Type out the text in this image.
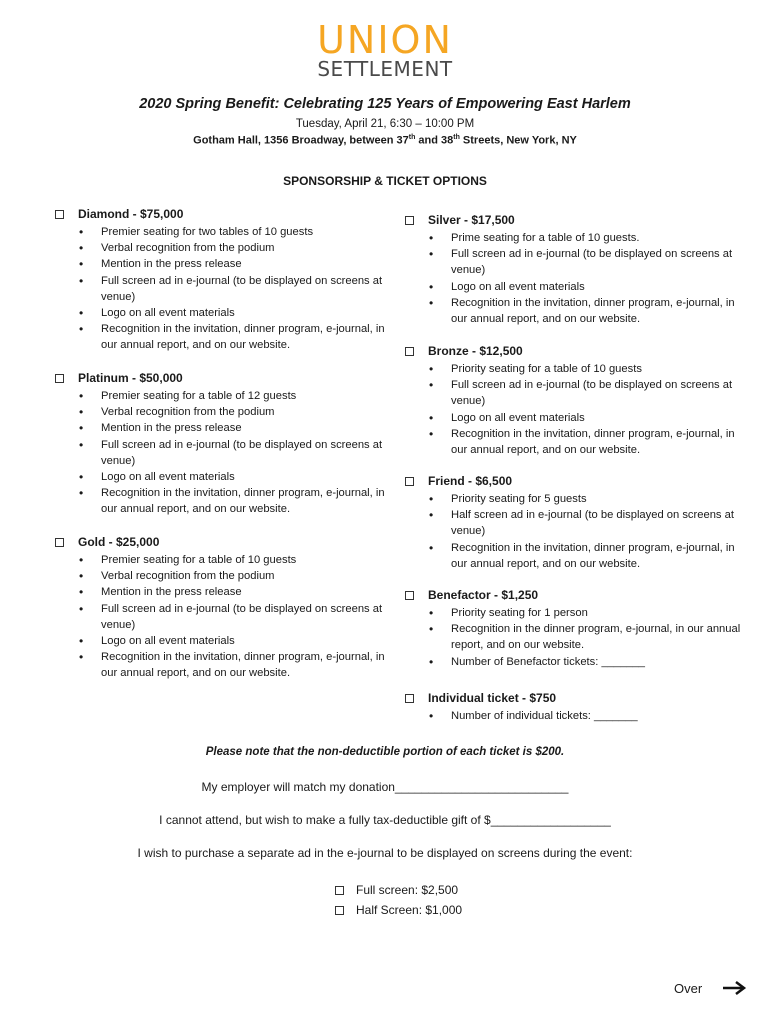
UNION
SETTLEMENT
2020 Spring Benefit: Celebrating 125 Years of Empowering East Harlem
Tuesday, April 21, 6:30 – 10:00 PM
Gotham Hall, 1356 Broadway, between 37th and 38th Streets, New York, NY
SPONSORSHIP & TICKET OPTIONS
Diamond - $75,000
• Premier seating for two tables of 10 guests
• Verbal recognition from the podium
• Mention in the press release
• Full screen ad in e-journal (to be displayed on screens at venue)
• Logo on all event materials
• Recognition in the invitation, dinner program, e-journal, in our annual report, and on our website.
Platinum - $50,000
• Premier seating for a table of 12 guests
• Verbal recognition from the podium
• Mention in the press release
• Full screen ad in e-journal (to be displayed on screens at venue)
• Logo on all event materials
• Recognition in the invitation, dinner program, e-journal, in our annual report, and on our website.
Gold - $25,000
• Premier seating for a table of 10 guests
• Verbal recognition from the podium
• Mention in the press release
• Full screen ad in e-journal (to be displayed on screens at venue)
• Logo on all event materials
• Recognition in the invitation, dinner program, e-journal, in our annual report, and on our website.
Silver - $17,500
• Prime seating for a table of 10 guests.
• Full screen ad in e-journal (to be displayed on screens at venue)
• Logo on all event materials
• Recognition in the invitation, dinner program, e-journal, in our annual report, and on our website.
Bronze - $12,500
• Priority seating for a table of 10 guests
• Full screen ad in e-journal (to be displayed on screens at venue)
• Logo on all event materials
• Recognition in the invitation, dinner program, e-journal, in our annual report, and on our website.
Friend - $6,500
• Priority seating for 5 guests
• Half screen ad in e-journal (to be displayed on screens at venue)
• Recognition in the invitation, dinner program, e-journal, in our annual report, and on our website.
Benefactor - $1,250
• Priority seating for 1 person
• Recognition in the dinner program, e-journal, in our annual report, and on our website.
• Number of Benefactor tickets: _______
Individual ticket - $750
• Number of individual tickets: _______
Please note that the non-deductible portion of each ticket is $200.
My employer will match my donation__________________________
I cannot attend, but wish to make a fully tax-deductible gift of $__________________
I wish to purchase a separate ad in the e-journal to be displayed on screens during the event:
Full screen: $2,500
Half Screen: $1,000
Over
